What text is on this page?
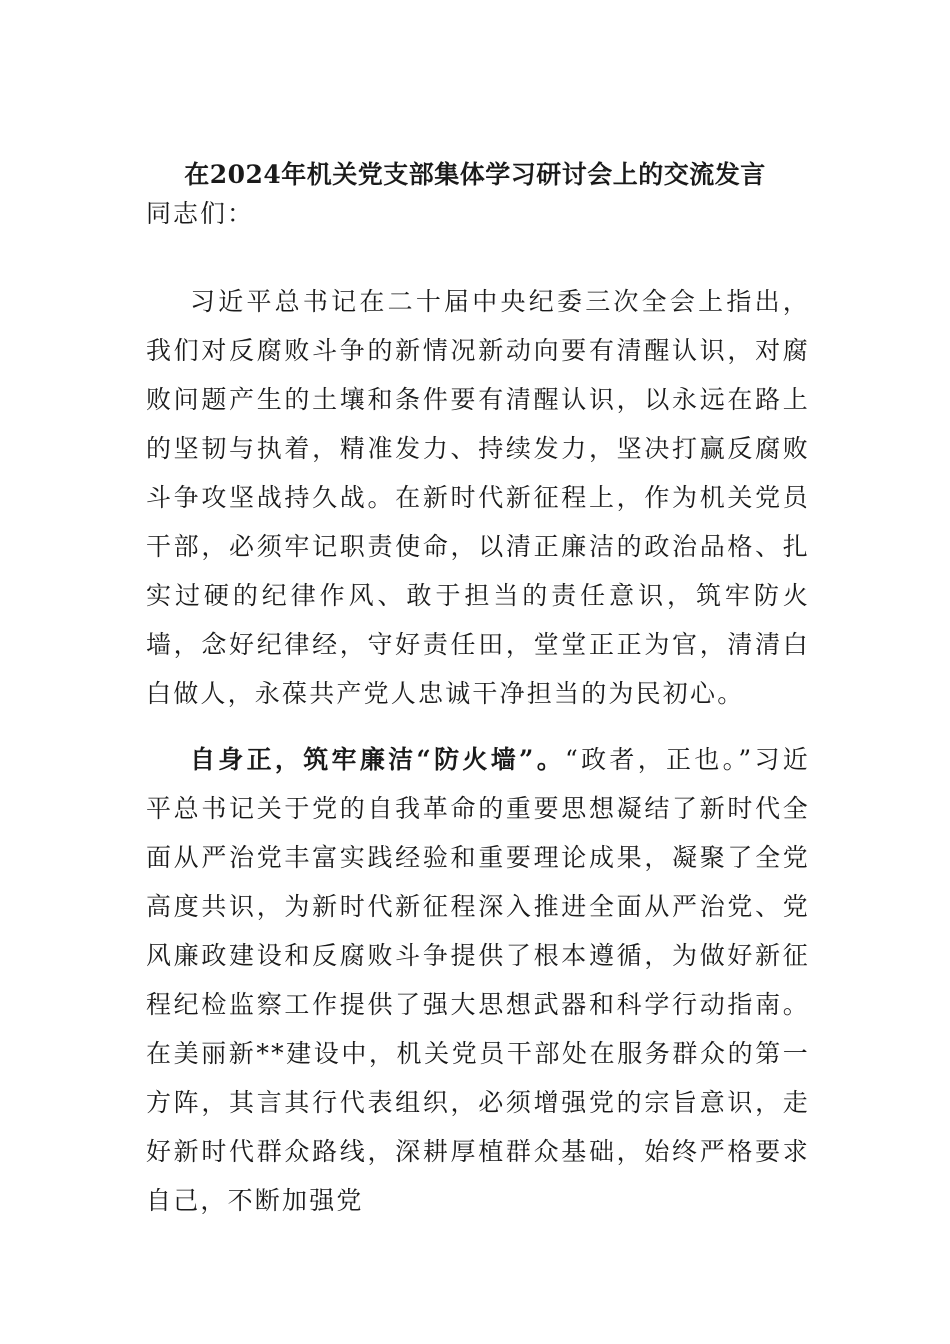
在2024年机关党支部集体学习研讨会上的交流发言
同志们：

习近平总书记在二十届中央纪委三次全会上指出，我们对反腐败斗争的新情况新动向要有清醒认识，对腐败问题产生的土壤和条件要有清醒认识，以永远在路上的坚韧与执着，精准发力、持续发力，坚决打赢反腐败斗争攻坚战持久战。在新时代新征程上，作为机关党员干部，必须牢记职责使命，以清正廉洁的政治品格、扎实过硬的纪律作风、敢于担当的责任意识，筑牢防火墙，念好纪律经，守好责任田，堂堂正正为官，清清白白做人，永葆共产党人忠诚干净担当的为民初心。

自身正，筑牢廉洁“防火墙”。“政者，正也。”习近平总书记关于党的自我革命的重要思想凝结了新时代全面从严治党丰富实践经验和重要理论成果，凝聚了全党高度共识，为新时代新征程深入推进全面从严治党、党风廉政建设和反腐败斗争提供了根本遵循，为做好新征程纪检监察工作提供了强大思想武器和科学行动指南。在美丽新**建设中，机关党员干部处在服务群众的第一方阵，其言其行代表组织，必须增强党的宗旨意识，走好新时代群众路线，深耕厚植群众基础，始终严格要求自己，不断加强党
